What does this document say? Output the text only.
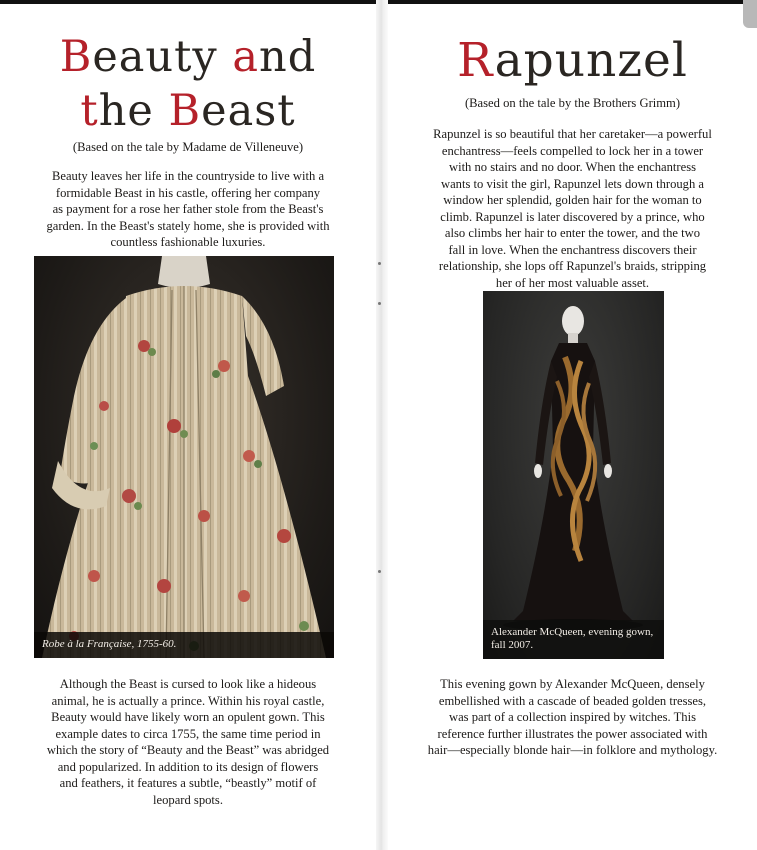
Beauty and
the Beast

(Based on the tale by Madame de Villeneuve)

Beauty leaves her life in the countryside to live with a
formidable Beast in his castle, offering her company
as payment for a rose her father stole from the Beast's
garden. In the Beast's stately home, she is provided with
countless fashionable luxuries.

Robe à la Française, 1755-60.

Although the Beast is cursed to look like a hideous
animal, he is actually a prince. Within his royal castle,
Beauty would have likely worn an opulent gown. This
example dates to circa 1755, the same time period in
which the story of “Beauty and the Beast” was abridged
and popularized. In addition to its design of flowers
and feathers, it features a subtle, “beastly” motif of
leopard spots.

Rapunzel

(Based on the tale by the Brothers Grimm)

Rapunzel is so beautiful that her caretaker—a powerful
enchantress—feels compelled to lock her in a tower
with no stairs and no door. When the enchantress
wants to visit the girl, Rapunzel lets down through a
window her splendid, golden hair for the woman to
climb. Rapunzel is later discovered by a prince, who
also climbs her hair to enter the tower, and the two
fall in love. When the enchantress discovers their
relationship, she lops off Rapunzel's braids, stripping
her of her most valuable asset.

Alexander McQueen, evening gown,
fall 2007.

This evening gown by Alexander McQueen, densely
embellished with a cascade of beaded golden tresses,
was part of a collection inspired by witches. This
reference further illustrates the power associated with
hair—especially blonde hair—in folklore and mythology.
